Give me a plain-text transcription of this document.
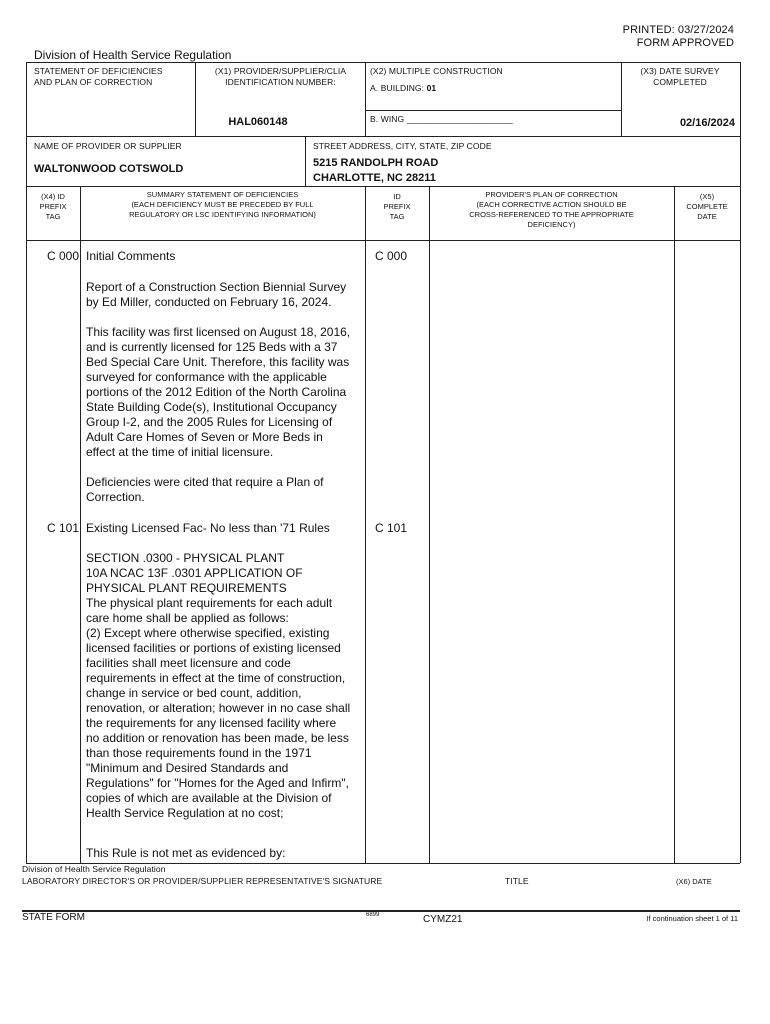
PRINTED: 03/27/2024
FORM APPROVED
Division of Health Service Regulation
STATEMENT OF DEFICIENCIES
AND PLAN OF CORRECTION
(X1) PROVIDER/SUPPLIER/CLIA
IDENTIFICATION NUMBER:
HAL060148
(X2) MULTIPLE CONSTRUCTION
A. BUILDING: 01
B. WING ______________________
(X3) DATE SURVEY
COMPLETED
02/16/2024
NAME OF PROVIDER OR SUPPLIER
WALTONWOOD COTSWOLD
STREET ADDRESS, CITY, STATE, ZIP CODE
5215 RANDOLPH ROAD
CHARLOTTE, NC 28211
(X4) ID
PREFIX
TAG
SUMMARY STATEMENT OF DEFICIENCIES
(EACH DEFICIENCY MUST BE PRECEDED BY FULL
REGULATORY OR LSC IDENTIFYING INFORMATION)
ID
PREFIX
TAG
PROVIDER'S PLAN OF CORRECTION
(EACH CORRECTIVE ACTION SHOULD BE
CROSS-REFERENCED TO THE APPROPRIATE
DEFICIENCY)
(X5)
COMPLETE
DATE
C 000 Initial Comments	C 000

Report of a Construction Section Biennial Survey
by Ed Miller, conducted on February 16, 2024.

This facility was first licensed on August 18, 2016,
and is currently licensed for 125 Beds with a 37
Bed Special Care Unit. Therefore, this facility was
surveyed for conformance with the applicable
portions of the 2012 Edition of the North Carolina
State Building Code(s), Institutional Occupancy
Group I-2, and the 2005 Rules for Licensing of
Adult Care Homes of Seven or More Beds in
effect at the time of initial licensure.

Deficiencies were cited that require a Plan of
Correction.

C 101 Existing Licensed Fac- No less than '71 Rules	C 101

SECTION .0300 - PHYSICAL PLANT
10A NCAC 13F .0301 APPLICATION OF
PHYSICAL PLANT REQUIREMENTS
The physical plant requirements for each adult
care home shall be applied as follows:
(2) Except where otherwise specified, existing
licensed facilities or portions of existing licensed
facilities shall meet licensure and code
requirements in effect at the time of construction,
change in service or bed count, addition,
renovation, or alteration; however in no case shall
the requirements for any licensed facility where
no addition or renovation has been made, be less
than those requirements found in the 1971
"Minimum and Desired Standards and
Regulations" for "Homes for the Aged and Infirm",
copies of which are available at the Division of
Health Service Regulation at no cost;

This Rule is not met as evidenced by:
Division of Health Service Regulation
LABORATORY DIRECTOR'S OR PROVIDER/SUPPLIER REPRESENTATIVE'S SIGNATURE	TITLE	(X6) DATE
STATE FORM	6899	CYMZ21	If continuation sheet 1 of 11
